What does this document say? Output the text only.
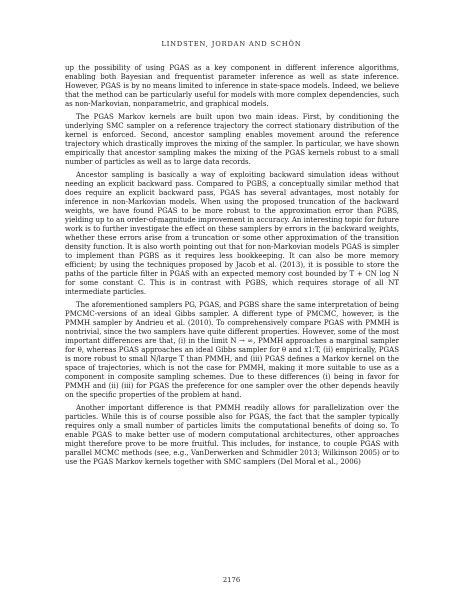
LINDSTEN, JORDAN AND SCHÖN

up the possibility of using PGAS as a key component in different inference algorithms, enabling both Bayesian and frequentist parameter inference as well as state inference. However, PGAS is by no means limited to inference in state-space models. Indeed, we believe that the method can be particularly useful for models with more complex dependencies, such as non-Markovian, nonparametric, and graphical models.

The PGAS Markov kernels are built upon two main ideas. First, by conditioning the underlying SMC sampler on a reference trajectory the correct stationary distribution of the kernel is enforced. Second, ancestor sampling enables movement around the reference trajectory which drastically improves the mixing of the sampler. In particular, we have shown empirically that ancestor sampling makes the mixing of the PGAS kernels robust to a small number of particles as well as to large data records.

Ancestor sampling is basically a way of exploiting backward simulation ideas without needing an explicit backward pass. Compared to PGBS, a conceptually similar method that does require an explicit backward pass, PGAS has several advantages, most notably for inference in non-Markovian models. When using the proposed truncation of the backward weights, we have found PGAS to be more robust to the approximation error than PGBS, yielding up to an order-of-magnitude improvement in accuracy. An interesting topic for future work is to further investigate the effect on these samplers by errors in the backward weights, whether these errors arise from a truncation or some other approximation of the transition density function. It is also worth pointing out that for non-Markovian models PGAS is simpler to implement than PGBS as it requires less bookkeeping. It can also be more memory efficient; by using the techniques proposed by Jacob et al. (2013), it is possible to store the paths of the particle filter in PGAS with an expected memory cost bounded by T + CN log N for some constant C. This is in contrast with PGBS, which requires storage of all NT intermediate particles.

The aforementioned samplers PG, PGAS, and PGBS share the same interpretation of being PMCMC-versions of an ideal Gibbs sampler. A different type of PMCMC, however, is the PMMH sampler by Andrieu et al. (2010). To comprehensively compare PGAS with PMMH is nontrivial, since the two samplers have quite different properties. However, some of the most important differences are that, (i) in the limit N → ∞, PMMH approaches a marginal sampler for θ, whereas PGAS approaches an ideal Gibbs sampler for θ and x1:T, (ii) empirically, PGAS is more robust to small N/large T than PMMH, and (iii) PGAS defines a Markov kernel on the space of trajectories, which is not the case for PMMH, making it more suitable to use as a component in composite sampling schemes. Due to these differences (i) being in favor for PMMH and (ii) (iii) for PGAS the preference for one sampler over the other depends heavily on the specific properties of the problem at hand.

Another important difference is that PMMH readily allows for parallelization over the particles. While this is of course possible also for PGAS, the fact that the sampler typically requires only a small number of particles limits the computational benefits of doing so. To enable PGAS to make better use of modern computational architectures, other approaches might therefore prove to be more fruitful. This includes, for instance, to couple PGAS with parallel MCMC methods (see, e.g., VanDerwerken and Schmidler 2013; Wilkinson 2005) or to use the PGAS Markov kernels together with SMC samplers (Del Moral et al., 2006)

2176
